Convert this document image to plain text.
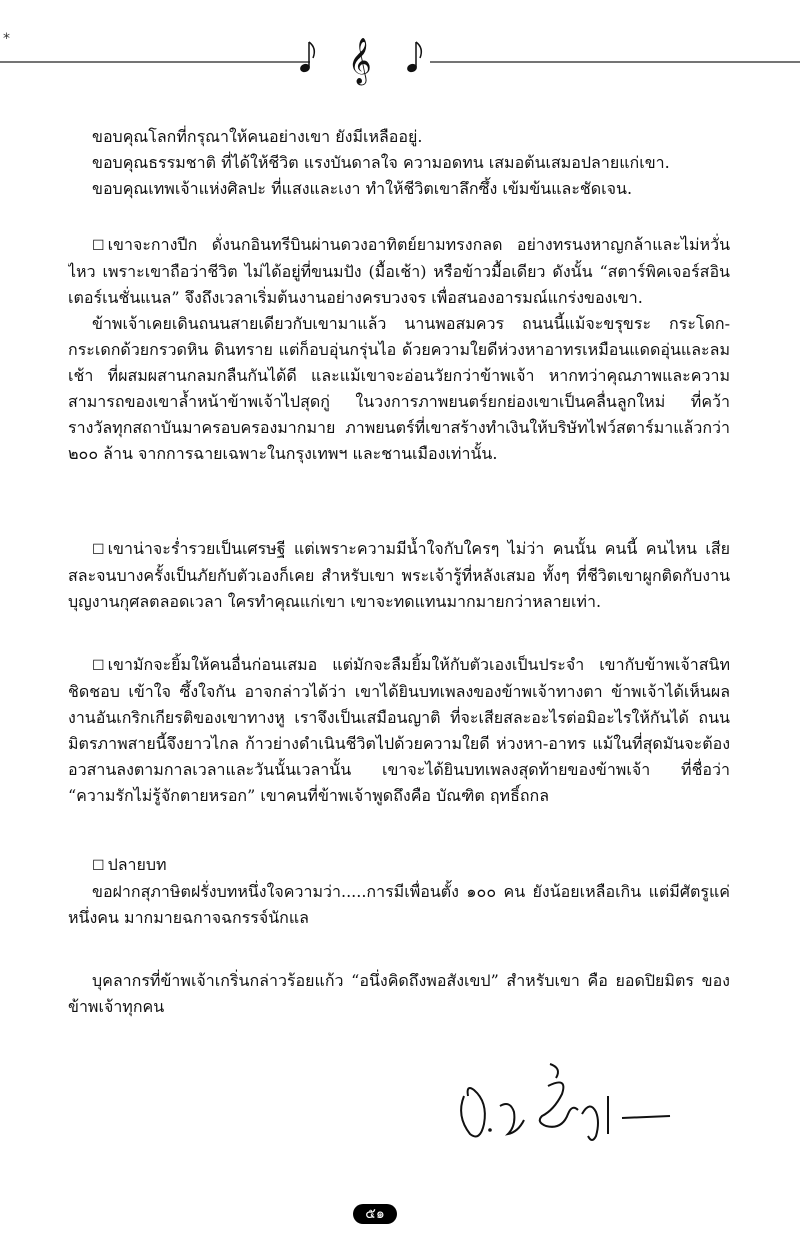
*	𝄞

ขอบคุณโลกที่กรุณาให้คนอย่างเขา ยังมีเหลืออยู่.

ขอบคุณธรรมชาติ ที่ได้ให้ชีวิต แรงบันดาลใจ ความอดทน เสมอต้นเสมอปลายแก่เขา.

ขอบคุณเทพเจ้าแห่งศิลปะ ที่แสงและเงา ทำให้ชีวิตเขาลึกซึ้ง เข้มข้นและชัดเจน.

☐ เขาจะกางปีก ดั่งนกอินทรีบินผ่านดวงอาทิตย์ยามทรงกลด อย่างทรนงหาญกล้าและไม่หวั่นไหว เพราะเขาถือว่าชีวิต ไม่ได้อยู่ที่ขนมปัง (มื้อเช้า) หรือข้าวมื้อเดียว ดังนั้น “สตาร์พิคเจอร์สอินเตอร์เนชั่นแนล” จึงถึงเวลาเริ่มต้นงานอย่างครบวงจร เพื่อสนองอารมณ์แกร่งของเขา.

ข้าพเจ้าเคยเดินถนนสายเดียวกับเขามาแล้ว นานพอสมควร ถนนนี้แม้จะขรุขระ กระโดก-กระเดกด้วยกรวดหิน ดินทราย แต่ก็อบอุ่นกรุ่นไอ ด้วยความใยดีห่วงหาอาทรเหมือนแดดอุ่นและลมเช้า ที่ผสมผสานกลมกลืนกันได้ดี และแม้เขาจะอ่อนวัยกว่าข้าพเจ้า หากทว่าคุณภาพและความสามารถของเขาล้ำหน้าข้าพเจ้าไปสุดกู่ ในวงการภาพยนตร์ยกย่องเขาเป็นคลื่นลูกใหม่ ที่คว้ารางวัลทุกสถาบันมาครอบครองมากมาย ภาพยนตร์ที่เขาสร้างทำเงินให้บริษัทไฟว์สตาร์มาแล้วกว่า ๒๐๐ ล้าน จากการฉายเฉพาะในกรุงเทพฯ และชานเมืองเท่านั้น.

☐ เขาน่าจะร่ำรวยเป็นเศรษฐี แต่เพราะความมีน้ำใจกับใครๆ ไม่ว่า คนนั้น คนนี้ คนไหน เสียสละจนบางครั้งเป็นภัยกับตัวเองก็เคย สำหรับเขา พระเจ้ารู้ที่หลังเสมอ ทั้งๆ ที่ชีวิตเขาผูกติดกับงานบุญงานกุศลตลอดเวลา ใครทำคุณแก่เขา เขาจะทดแทนมากมายกว่าหลายเท่า.

☐ เขามักจะยิ้มให้คนอื่นก่อนเสมอ แต่มักจะลืมยิ้มให้กับตัวเองเป็นประจำ เขากับข้าพเจ้าสนิทชิดชอบ เข้าใจ ซึ้งใจกัน อาจกล่าวได้ว่า เขาได้ยินบทเพลงของข้าพเจ้าทางตา ข้าพเจ้าได้เห็นผลงานอันเกริกเกียรติของเขาทางหู เราจึงเป็นเสมือนญาติ ที่จะเสียสละอะไรต่อมิอะไรให้กันได้ ถนนมิตรภาพสายนี้จึงยาวไกล ก้าวย่างดำเนินชีวิตไปด้วยความใยดี ห่วงหา-อาทร แม้ในที่สุดมันจะต้องอวสานลงตามกาลเวลาและวันนั้นเวลานั้น เขาจะได้ยินบทเพลงสุดท้ายของข้าพเจ้า ที่ชื่อว่า “ความรักไม่รู้จักตายหรอก” เขาคนที่ข้าพเจ้าพูดถึงคือ บัณฑิต ฤทธิ์ถกล

☐ ปลายบท

ขอฝากสุภาษิตฝรั่งบทหนึ่งใจความว่า.....การมีเพื่อนตั้ง ๑๐๐ คน ยังน้อยเหลือเกิน แต่มีศัตรูแค่หนึ่งคน มากมายฉกาจฉกรรจ์นักแล

บุคลากรที่ข้าพเจ้าเกริ่นกล่าวร้อยแก้ว “อนึ่งคิดถึงพอสังเขป” สำหรับเขา คือ ยอดปิยมิตร ของข้าพเจ้าทุกคน

๕๑
